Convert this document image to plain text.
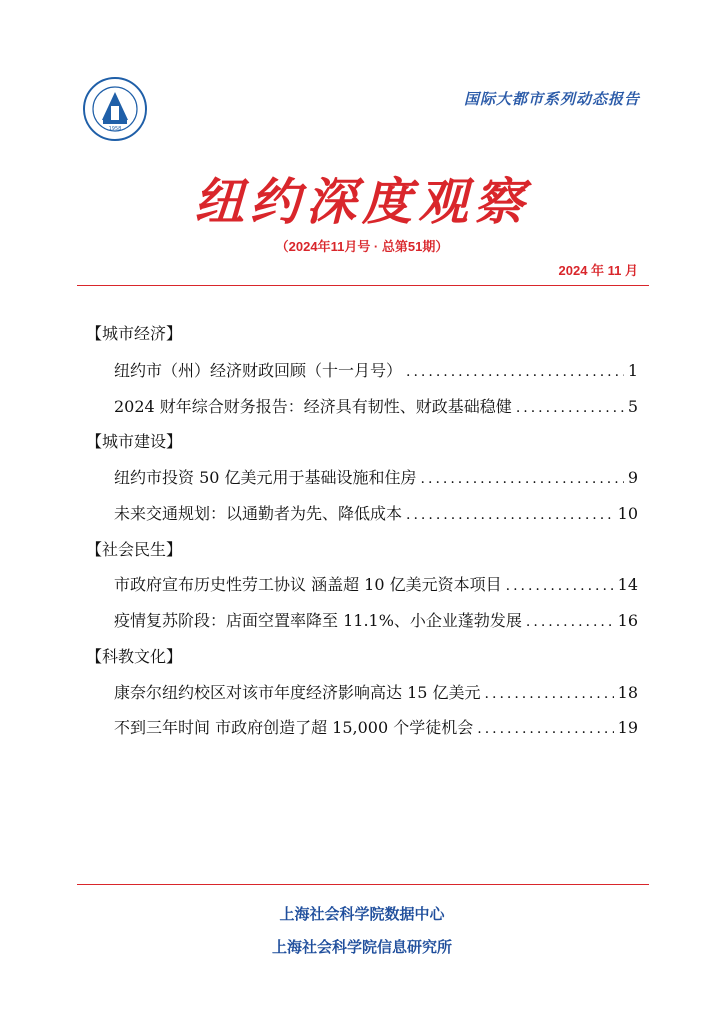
1958
国际大都市系列动态报告
纽约深度观察
（2024年11月号 · 总第51期）
2024 年 11 月
【城市经济】
纽约市（州）经济财政回顾（十一月号） .....	1
2024 财年综合财务报告：经济具有韧性、财政基础稳健 .....	5
【城市建设】
纽约市投资 50 亿美元用于基础设施和住房 .....	9
未来交通规划：以通勤者为先、降低成本 .....	10
【社会民生】
市政府宣布历史性劳工协议 涵盖超 10 亿美元资本项目 .....	14
疫情复苏阶段：店面空置率降至 11.1%、小企业蓬勃发展 .....	16
【科教文化】
康奈尔纽约校区对该市年度经济影响高达 15 亿美元 .....	18
不到三年时间 市政府创造了超 15,000 个学徒机会 .....	19
上海社会科学院数据中心
上海社会科学院信息研究所
